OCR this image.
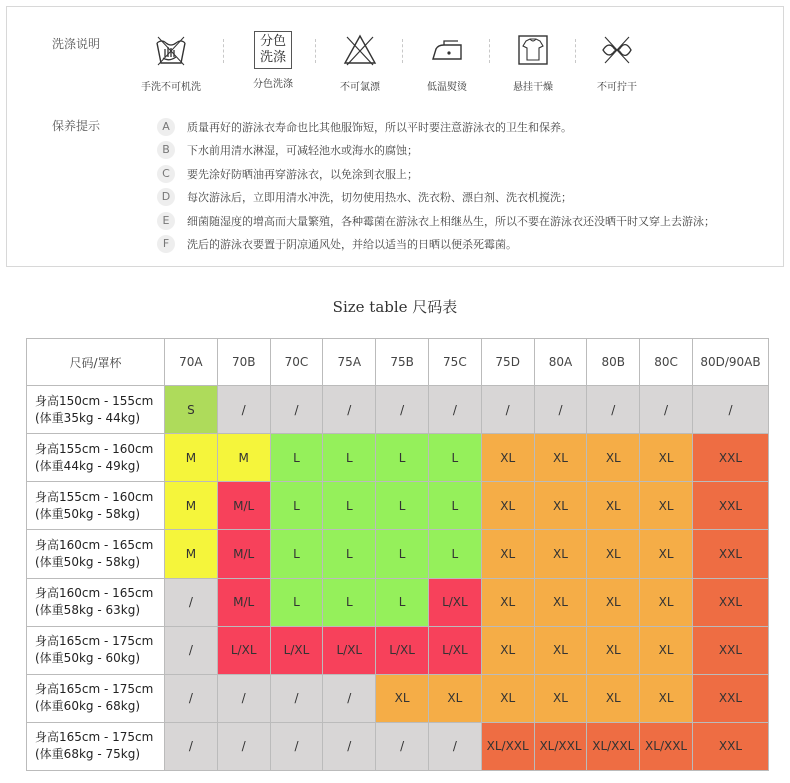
洗涤说明
手洗不可机洗
分色
洗涤
分色洗涤	不可氯漂	低温熨烫	悬挂干燥	不可拧干
保养提示	A	质量再好的游泳衣寿命也比其他服饰短，所以平时要注意游泳衣的卫生和保养。
B	下水前用清水淋湿，可减轻池水或海水的腐蚀；
C	要先涂好防晒油再穿游泳衣，以免涂到衣服上；
D	每次游泳后，立即用清水冲洗，切勿使用热水、洗衣粉、漂白剂、洗衣机搅洗；
E	细菌随湿度的增高而大量繁殖，各种霉菌在游泳衣上相继丛生，所以不要在游泳衣还没晒干时又穿上去游泳；
F	洗后的游泳衣要置于阴凉通风处，并给以适当的日晒以便杀死霉菌。
Size table 尺码表
尺码/罩杯	70A	70B	70C	75A	75B	75C	75D	80A	80B	80C	80D/90AB

身高150cm - 155cm
(体重35kg - 44kg)	S	/	/	/	/	/	/	/	/	/	/

身高155cm - 160cm
(体重44kg - 49kg)	M	M	L	L	L	L	XL	XL	XL	XL	XXL

身高155cm - 160cm
(体重50kg - 58kg)	M	M/L	L	L	L	L	XL	XL	XL	XL	XXL

身高160cm - 165cm
(体重50kg - 58kg)	M	M/L	L	L	L	L	XL	XL	XL	XL	XXL

身高160cm - 165cm
(体重58kg - 63kg)	/	M/L	L	L	L	L/XL	XL	XL	XL	XL	XXL

身高165cm - 175cm
(体重50kg - 60kg)	/	L/XL	L/XL	L/XL	L/XL	L/XL	XL	XL	XL	XL	XXL

身高165cm - 175cm
(体重60kg - 68kg)	/	/	/	/	XL	XL	XL	XL	XL	XL	XXL

身高165cm - 175cm
(体重68kg - 75kg)	/	/	/	/	/	/	XL/XXL	XL/XXL	XL/XXL	XL/XXL	XXL
